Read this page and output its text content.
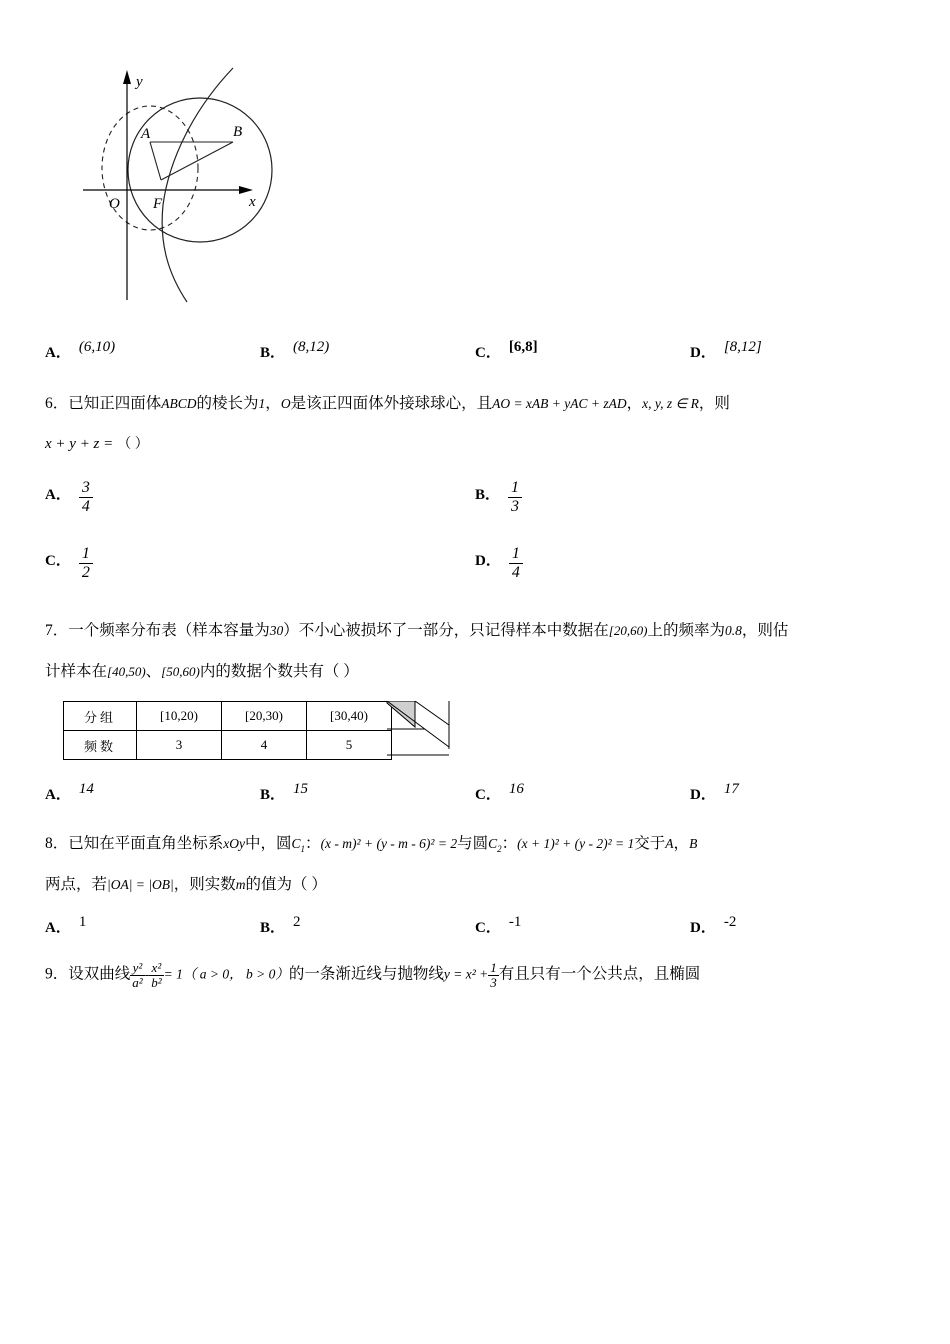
y
x
O F
A	B
A． (6,10)	B． (8,12)	C． [6,8]	D． [8,12]
6．已知正四面体ABCD的棱长为1，O是该正四面体外接球球心，且AO = xAB + yAC + zAD，x, y, z ∈ R，则
x + y + z = （ ）
A． $\frac{3}{4}$	B． $\frac{1}{3}$
C． $\frac{1}{2}$	D． $\frac{1}{4}$
7．一个频率分布表（样本容量为30）不小心被损坏了一部分，只记得样本中数据在[20,60)上的频率为0.8，则估
计样本在[40,50)、[50,60)内的数据个数共有（ ）
分组	[10,20)	[20,30)	[30,40)
频数	3	4	5
A． 14	B． 15	C． 16	D． 17
8．已知在平面直角坐标系xOy中，圆$C_1$：(x - m)² + (y - m - 6)² = 2与圆$C_2$：(x + 1)² + (y - 2)² = 1交于A，B
两点，若|OA| = |OB|，则实数m的值为（ ）
A． 1	B． 2	C． -1	D． -2
9．设双曲线 $\frac{\text{y²}}{\text{a²}} - \frac{\text{x²}}{\text{b²}} = 1$（ a > 0， b > 0）的一条渐近线与抛物线$y = x^2 + \frac{1}{3}$ 有且只有一个公共点，且椭圆
